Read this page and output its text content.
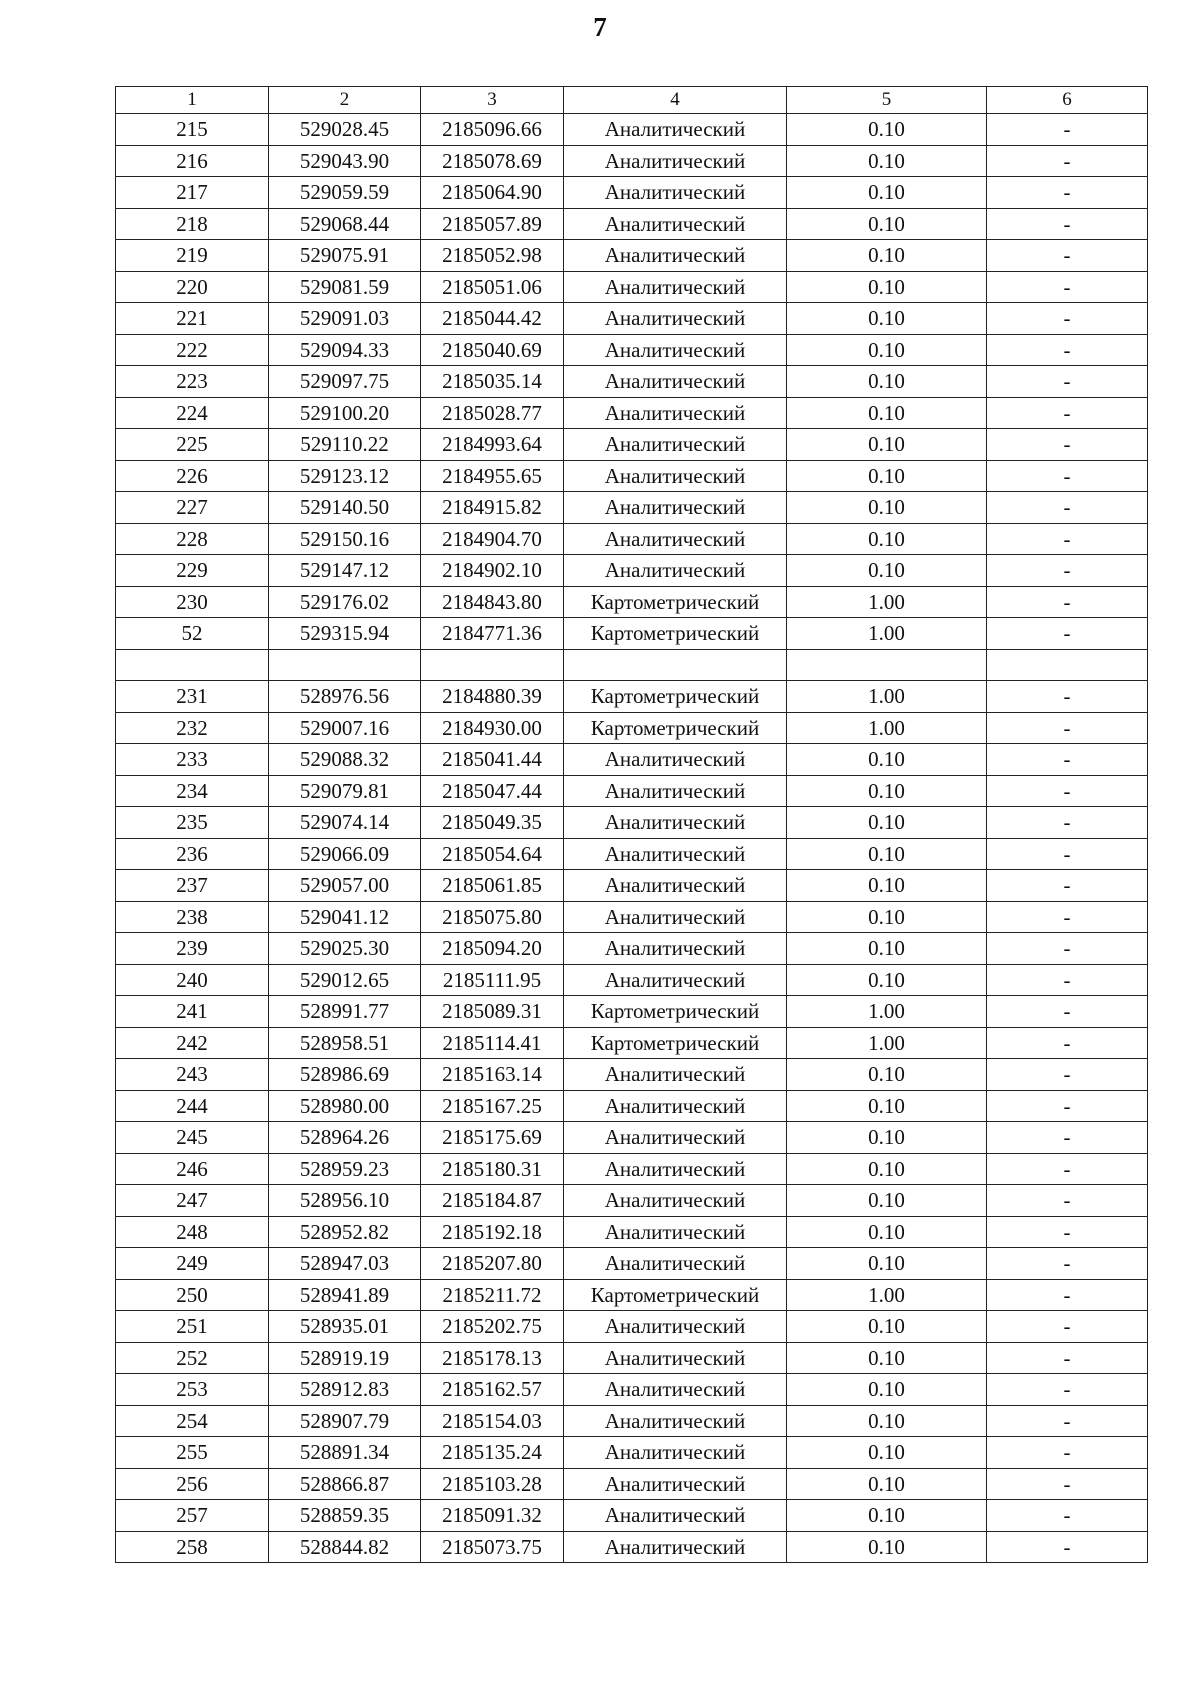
7
1	2	3	4	5	6
215	529028.45	2185096.66	Аналитический	0.10	-
216	529043.90	2185078.69	Аналитический	0.10	-
217	529059.59	2185064.90	Аналитический	0.10	-
218	529068.44	2185057.89	Аналитический	0.10	-
219	529075.91	2185052.98	Аналитический	0.10	-
220	529081.59	2185051.06	Аналитический	0.10	-
221	529091.03	2185044.42	Аналитический	0.10	-
222	529094.33	2185040.69	Аналитический	0.10	-
223	529097.75	2185035.14	Аналитический	0.10	-
224	529100.20	2185028.77	Аналитический	0.10	-
225	529110.22	2184993.64	Аналитический	0.10	-
226	529123.12	2184955.65	Аналитический	0.10	-
227	529140.50	2184915.82	Аналитический	0.10	-
228	529150.16	2184904.70	Аналитический	0.10	-
229	529147.12	2184902.10	Аналитический	0.10	-
230	529176.02	2184843.80	Картометрический	1.00	-
52	529315.94	2184771.36	Картометрический	1.00	-

231	528976.56	2184880.39	Картометрический	1.00	-
232	529007.16	2184930.00	Картометрический	1.00	-
233	529088.32	2185041.44	Аналитический	0.10	-
234	529079.81	2185047.44	Аналитический	0.10	-
235	529074.14	2185049.35	Аналитический	0.10	-
236	529066.09	2185054.64	Аналитический	0.10	-
237	529057.00	2185061.85	Аналитический	0.10	-
238	529041.12	2185075.80	Аналитический	0.10	-
239	529025.30	2185094.20	Аналитический	0.10	-
240	529012.65	2185111.95	Аналитический	0.10	-
241	528991.77	2185089.31	Картометрический	1.00	-
242	528958.51	2185114.41	Картометрический	1.00	-
243	528986.69	2185163.14	Аналитический	0.10	-
244	528980.00	2185167.25	Аналитический	0.10	-
245	528964.26	2185175.69	Аналитический	0.10	-
246	528959.23	2185180.31	Аналитический	0.10	-
247	528956.10	2185184.87	Аналитический	0.10	-
248	528952.82	2185192.18	Аналитический	0.10	-
249	528947.03	2185207.80	Аналитический	0.10	-
250	528941.89	2185211.72	Картометрический	1.00	-
251	528935.01	2185202.75	Аналитический	0.10	-
252	528919.19	2185178.13	Аналитический	0.10	-
253	528912.83	2185162.57	Аналитический	0.10	-
254	528907.79	2185154.03	Аналитический	0.10	-
255	528891.34	2185135.24	Аналитический	0.10	-
256	528866.87	2185103.28	Аналитический	0.10	-
257	528859.35	2185091.32	Аналитический	0.10	-
258	528844.82	2185073.75	Аналитический	0.10	-
